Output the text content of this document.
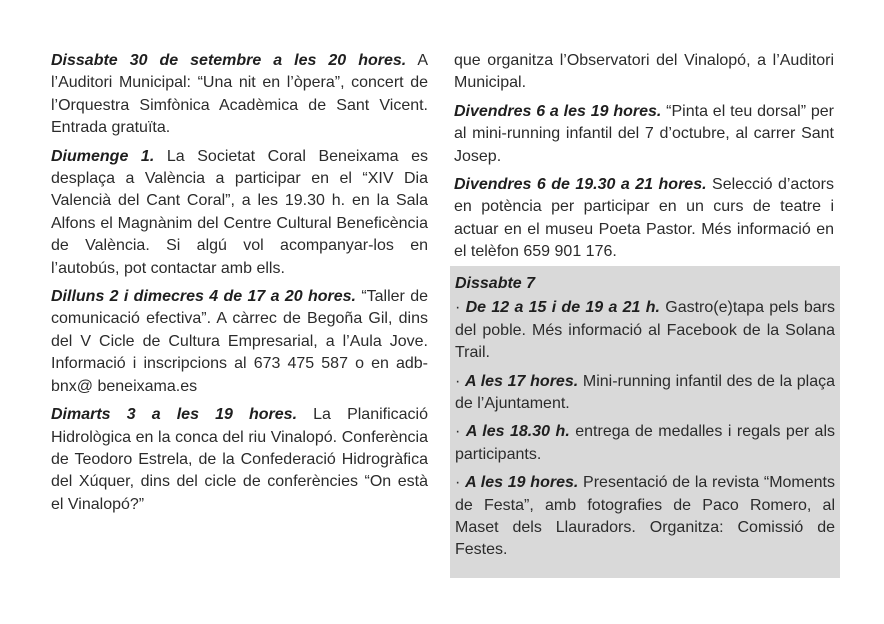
Dissabte 30 de setembre a les 20 hores. A l’Auditori Municipal: “Una nit en l’òpera”, concert de l’Orquestra Simfònica Acadèmica de Sant Vicent. Entrada gratuïta.

Diumenge 1. La Societat Coral Beneixama es desplaça a València a participar en el “XIV Dia Valencià del Cant Coral”, a les 19.30 h. en la Sala Alfons el Magnànim del Centre Cultural Beneficència de València. Si algú vol acompanyar-los en l’autobús, pot contactar amb ells.

Dilluns 2 i dimecres 4 de 17 a 20 hores. “Taller de comunicació efectiva”. A càrrec de Begoña Gil, dins del V Cicle de Cultura Empresarial, a l’Aula Jove. Informació i inscripcions al 673 475 587 o en adb-bnx@ beneixama.es

Dimarts 3 a les 19 hores. La Planificació Hidrològica en la conca del riu Vinalopó. Conferència de Teodoro Estrela, de la Confederació Hidrogràfica del Xúquer, dins del cicle de conferències “On està el Vinalopó?”

que organitza l’Observatori del Vinalopó, a l’Auditori Municipal.

Divendres 6 a les 19 hores. “Pinta el teu dorsal” per al mini-running infantil del 7 d’octubre, al carrer Sant Josep.

Divendres 6 de 19.30 a 21 hores. Selecció d’actors en potència per participar en un curs de teatre i actuar en el museu Poeta Pastor. Més informació en el telèfon 659 901 176.

Dissabte 7

· De 12 a 15 i de 19 a 21 h. Gastro(e)tapa pels bars del poble. Més informació al Facebook de la Solana Trail.

· A les 17 hores. Mini-running infantil des de la plaça de l’Ajuntament.

· A les 18.30 h. entrega de medalles i regals per als participants.

· A les 19 hores. Presentació de la revista “Moments de Festa”, amb fotografies de Paco Romero, al Maset dels Llauradors. Organitza: Comissió de Festes.
